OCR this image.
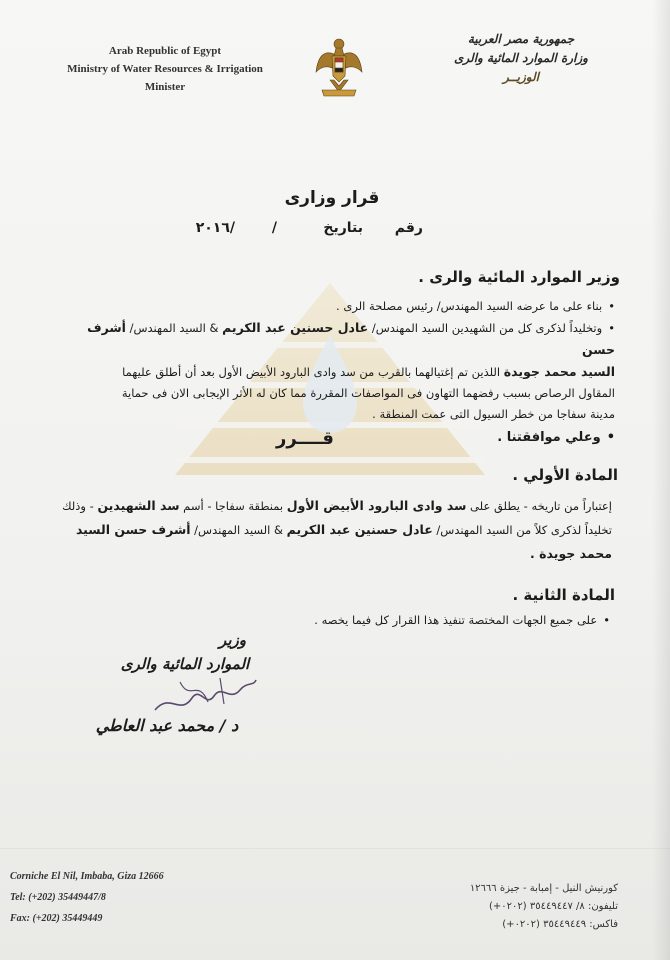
Arab Republic of Egypt
Ministry of Water Resources & Irrigation
Minister
جمهورية مصر العربية
وزارة الموارد المائية والرى
الوزيــر
قرار وزارى
رقم
بتاريخ
/
/٢٠١٦
وزير الموارد المائية والرى .
• بناء على ما عرضه السيد المهندس/ رئيس مصلحة الرى .
• وتخليداً لذكرى كل من الشهيدين السيد المهندس/ عادل حسنين عبد الكريم & السيد المهندس/ أشرف حسن
السيد محمد جويدة اللذين تم إغتيالهما بالقرب من سد وادى البارود الأبيض الأول بعد أن أطلق عليهما
المقاول الرصاص بسبب رفضهما التهاون فى المواصفات المقررة مما كان له الأثر الإيجابى الان فى حماية
مدينة سفاجا من خطر السيول التى عمت المنطقة .
• وعلي موافقتنا .
قــــرر
المادة الأولي .
إعتباراً من تاريخه - يطلق على سد وادى البارود الأبيض الأول بمنطقة سفاجا - أسم سد الشهيدين - وذلك
تخليداً لذكرى كلاً من السيد المهندس/ عادل حسنين عبد الكريم & السيد المهندس/ أشرف حسن السيد
محمد جويدة .
المادة الثانية .
• على جميع الجهات المختصة تنفيذ هذا القرار كل فيما يخصه .
وزير
الموارد المائية والرى
د / محمد عبد العاطي
Corniche El Nil, Imbaba, Giza 12666
Tel: (+202) 35449447/8
Fax: (+202) 35449449
كورنيش النيل - إمبابة - جيزة ١٢٦٦٦
تليفون: ٨/ ٣٥٤٤٩٤٤٧ (٠٢٠٢+)
فاكس: ٣٥٤٤٩٤٤٩ (٠٢٠٢+)
